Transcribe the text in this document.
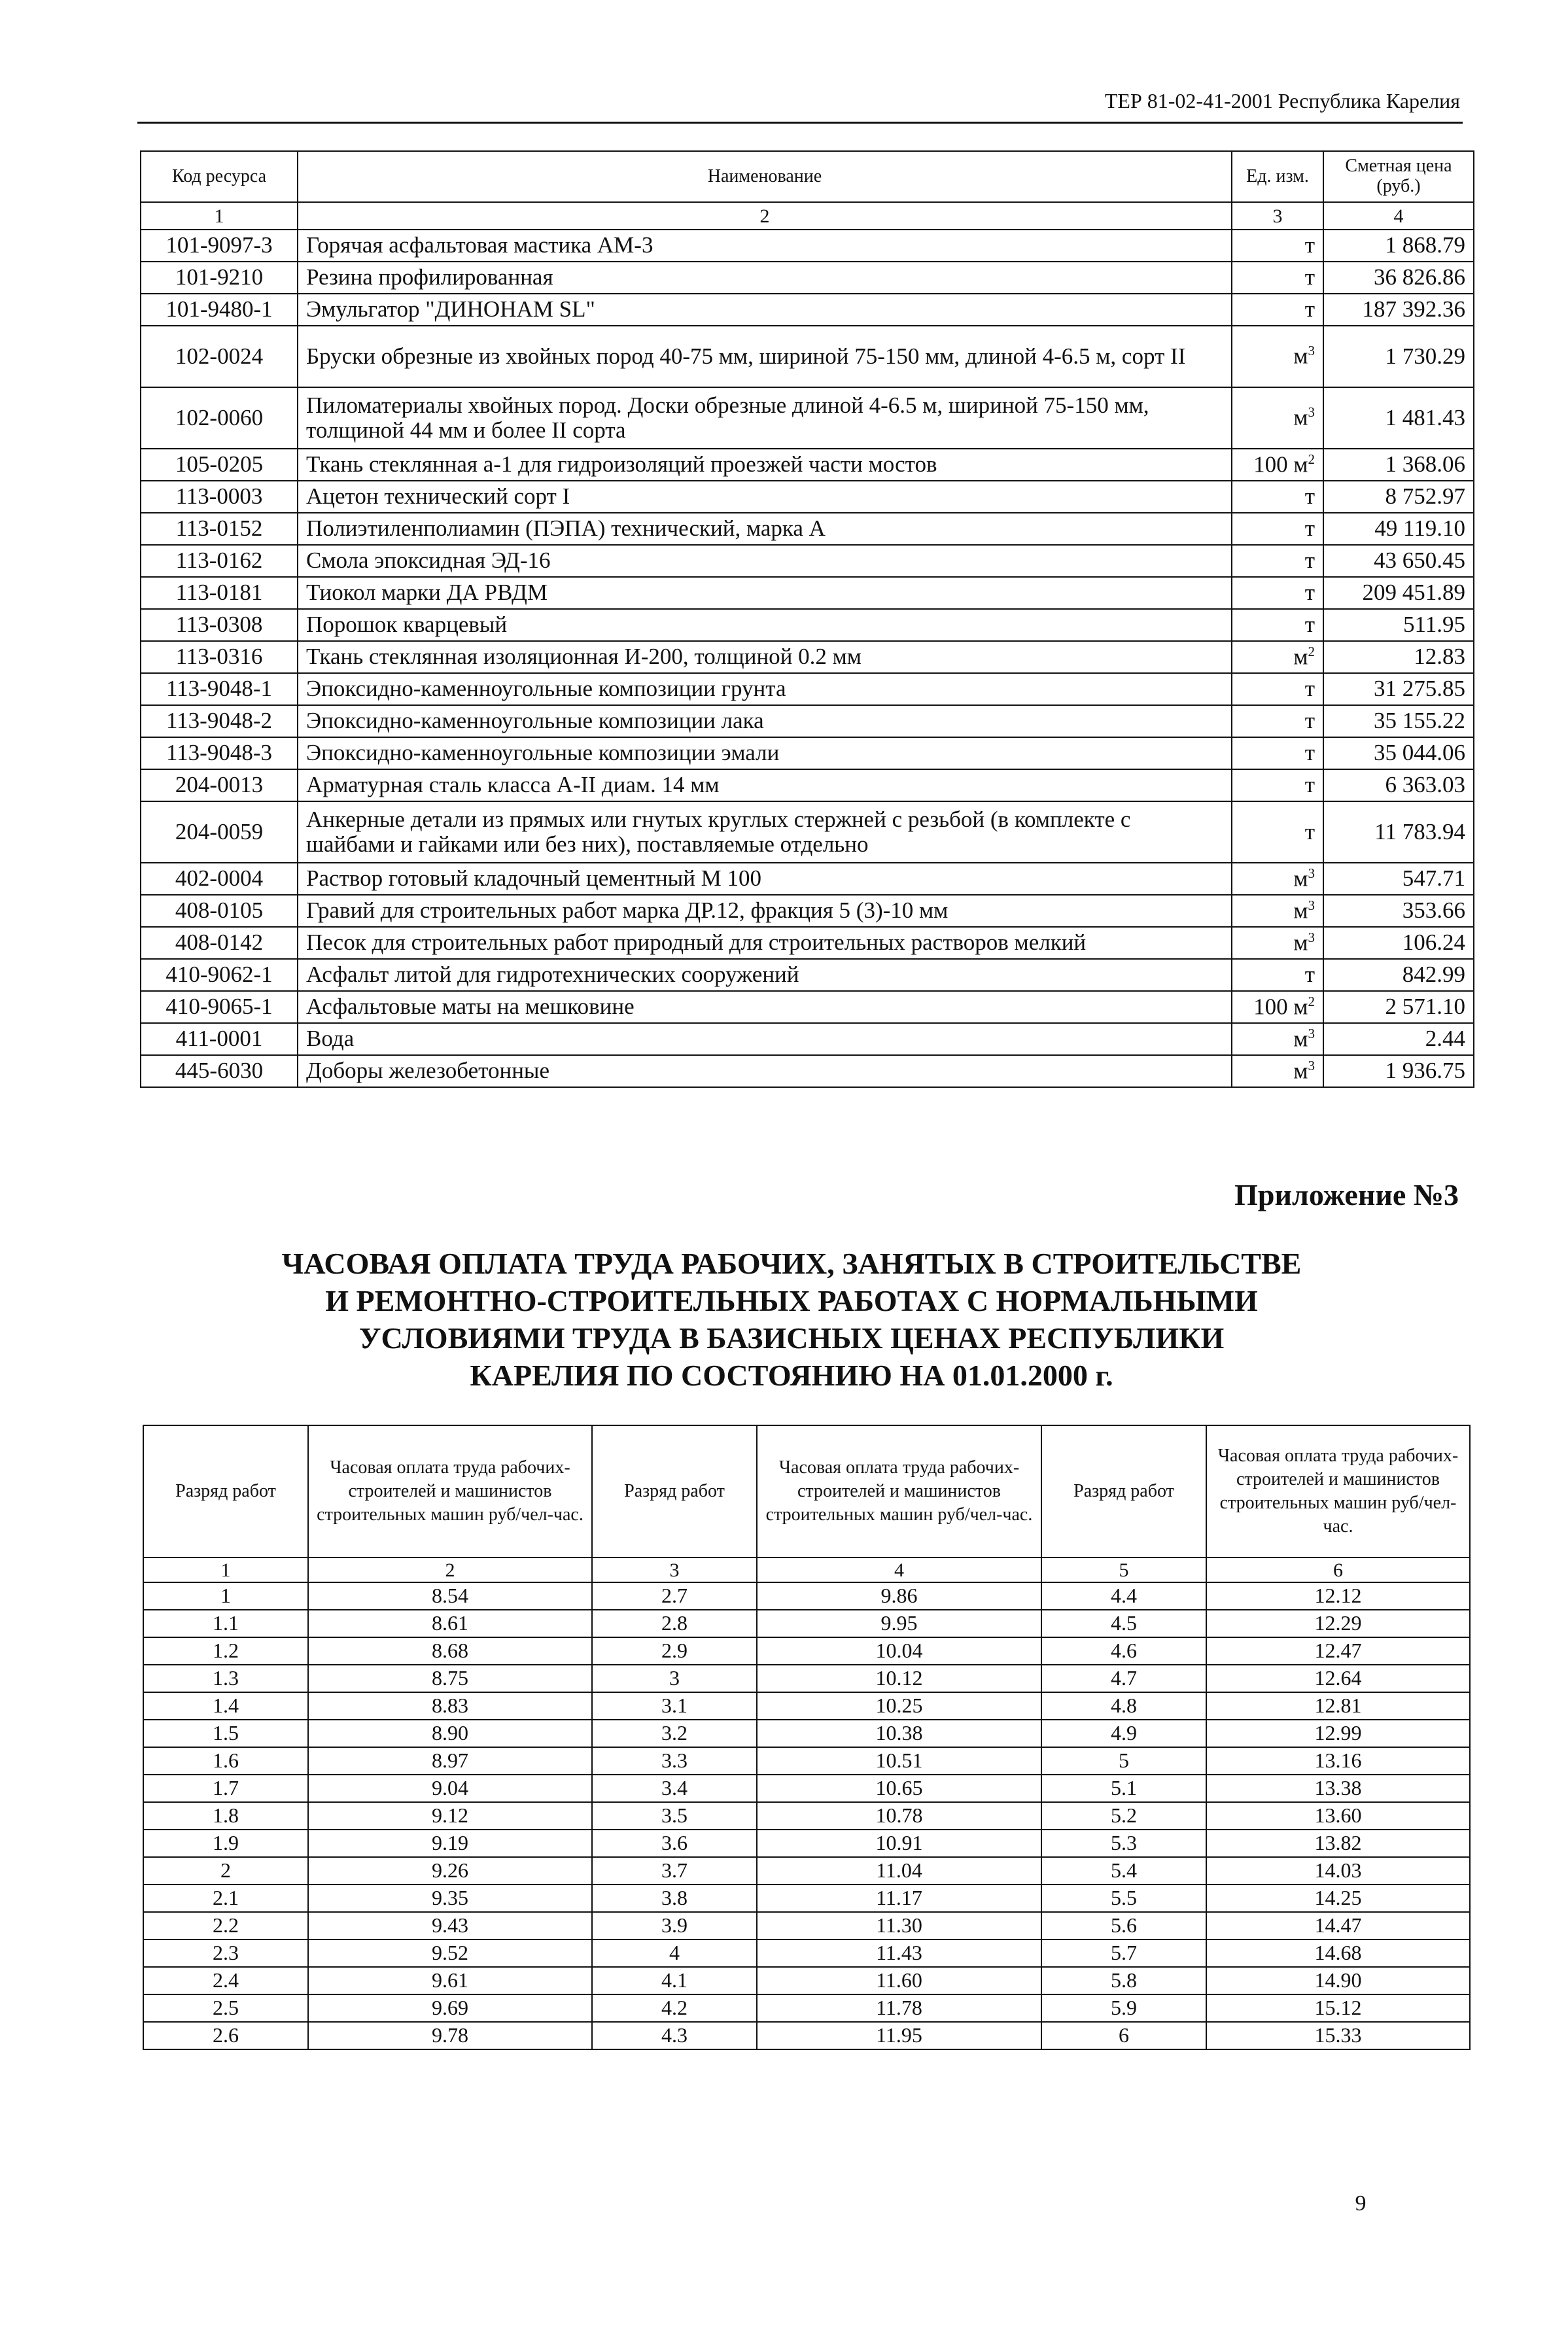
ТЕР 81-02-41-2001 Республика Карелия
Код ресурса	Наименование	Ед. изм.	Сметная цена (руб.)
1	2	3	4
101-9097-3	Горячая асфальтовая мастика АМ-3	т	1 868.79
101-9210	Резина профилированная	т	36 826.86
101-9480-1	Эмульгатор "ДИНОНАМ SL"	т	187 392.36
102-0024	Бруски обрезные из хвойных пород 40-75 мм, шириной 75-150 мм, длиной 4-6.5 м, сорт II	$м^3$	1 730.29
102-0060	Пиломатериалы хвойных пород. Доски обрезные длиной 4-6.5 м, шириной 75-150 мм, толщиной 44 мм и более II сорта	$м^3$	1 481.43
105-0205	Ткань стеклянная а-1 для гидроизоляций проезжей части мостов	100 $м^2$	1 368.06
113-0003	Ацетон технический сорт I	т	8 752.97
113-0152	Полиэтиленполиамин (ПЭПА) технический, марка А	т	49 119.10
113-0162	Смола эпоксидная ЭД-16	т	43 650.45
113-0181	Тиокол марки ДА РВДМ	т	209 451.89
113-0308	Порошок кварцевый	т	511.95
113-0316	Ткань стеклянная изоляционная И-200, толщиной 0.2 мм	$м^2$	12.83
113-9048-1	Эпоксидно-каменноугольные композиции грунта	т	31 275.85
113-9048-2	Эпоксидно-каменноугольные композиции лака	т	35 155.22
113-9048-3	Эпоксидно-каменноугольные композиции эмали	т	35 044.06
204-0013	Арматурная сталь класса А-II диам. 14 мм	т	6 363.03
204-0059	Анкерные детали из прямых или гнутых круглых стержней с резьбой (в комплекте с шайбами и гайками или без них), поставляемые отдельно	т	11 783.94
402-0004	Раствор готовый кладочный цементный М 100	$м^3$	547.71
408-0105	Гравий для строительных работ марка ДР.12, фракция 5 (3)-10 мм	$м^3$	353.66
408-0142	Песок для строительных работ природный для строительных растворов мелкий	$м^3$	106.24
410-9062-1	Асфальт литой для гидротехнических сооружений	т	842.99
410-9065-1	Асфальтовые маты на мешковине	100 $м^2$	2 571.10
411-0001	Вода	$м^3$	2.44
445-6030	Доборы железобетонные	$м^3$	1 936.75
Приложение №3
ЧАСОВАЯ ОПЛАТА ТРУДА РАБОЧИХ, ЗАНЯТЫХ В СТРОИТЕЛЬСТВЕ
И РЕМОНТНО-СТРОИТЕЛЬНЫХ РАБОТАХ С НОРМАЛЬНЫМИ
УСЛОВИЯМИ ТРУДА В БАЗИСНЫХ ЦЕНАХ РЕСПУБЛИКИ
КАРЕЛИЯ ПО СОСТОЯНИЮ НА 01.01.2000 г.
Разряд работ	Часовая оплата труда рабочих-строителей и машинистов строительных машин руб/чел-час.	Разряд работ	Часовая оплата труда рабочих-строителей и машинистов строительных машин руб/чел-час.	Разряд работ	Часовая оплата труда рабочих-строителей и машинистов строительных машин руб/чел-час.
1	2	3	4	5	6
1	8.54	2.7	9.86	4.4	12.12
1.1	8.61	2.8	9.95	4.5	12.29
1.2	8.68	2.9	10.04	4.6	12.47
1.3	8.75	3	10.12	4.7	12.64
1.4	8.83	3.1	10.25	4.8	12.81
1.5	8.90	3.2	10.38	4.9	12.99
1.6	8.97	3.3	10.51	5	13.16
1.7	9.04	3.4	10.65	5.1	13.38
1.8	9.12	3.5	10.78	5.2	13.60
1.9	9.19	3.6	10.91	5.3	13.82
2	9.26	3.7	11.04	5.4	14.03
2.1	9.35	3.8	11.17	5.5	14.25
2.2	9.43	3.9	11.30	5.6	14.47
2.3	9.52	4	11.43	5.7	14.68
2.4	9.61	4.1	11.60	5.8	14.90
2.5	9.69	4.2	11.78	5.9	15.12
2.6	9.78	4.3	11.95	6	15.33
9
